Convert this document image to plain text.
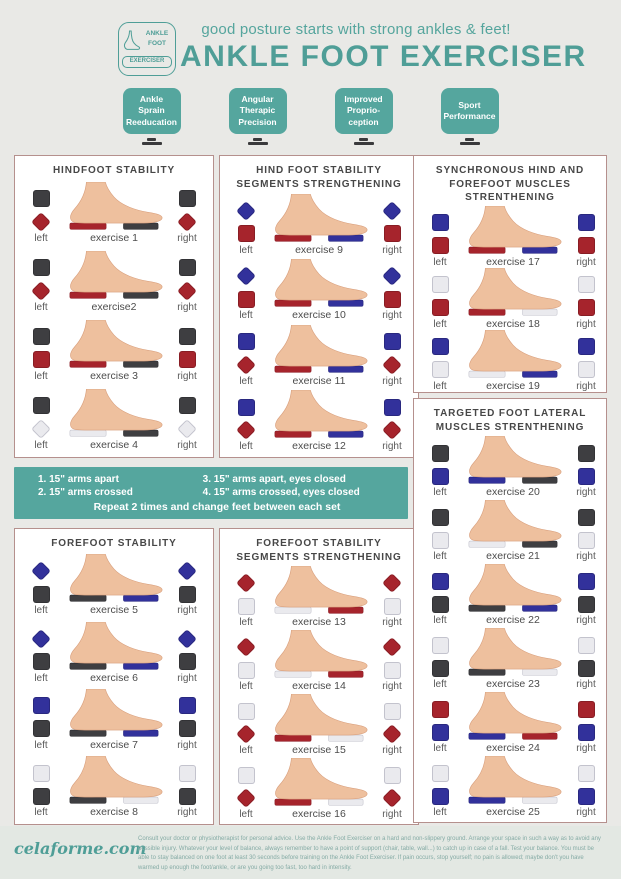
ANKLE
FOOT
EXERCISER
good posture starts with strong ankles & feet!
ANKLE FOOT EXERCISER
Ankle
Sprain
Reeducation
Angular
Therapic
Precision
Improved
Proprio-
ception
Sport
Performance
HINDFOOT STABILITY
left	exercise 1	right
left	exercise2	right
left	exercise 3	right
left	exercise 4	right
HIND FOOT STABILITY SEGMENTS STRENGTHENING
left	exercise 9	right
left	exercise 10	right
left	exercise 11	right
left	exercise 12	right
1. 15" arms apart	3. 15" arms apart, eyes closed
2. 15" arms crossed	4. 15" arms crossed, eyes closed
Repeat 2 times and change feet between each set
FOREFOOT STABILITY
left	exercise 5	right
left	exercise 6	right
left	exercise 7	right
left	exercise 8	right
FOREFOOT STABILITY SEGMENTS STRENGTHENING
left	exercise 13	right
left	exercise 14	right
left	exercise 15	right
left	exercise 16	right
SYNCHRONOUS HIND AND FOREFOOT MUSCLES STRENTHENING
left	exercise 17	right
left	exercise 18	right
left	exercise 19	right
TARGETED FOOT LATERAL MUSCLES STRENTHENING
left	exercise 20	right
left	exercise 21	right
left	exercise 22	right
left	exercise 23	right
left	exercise 24	right
left	exercise 25	right
celaforme.com
Consult your doctor or physiotherapist for personal advice. Use the Ankle Foot Exerciser on a hard and non-slippery ground. Arrange your space in such a way as to avoid any possible injury. Whatever your level of balance, always remember to have a point of support (chair, table, wall...) to catch up in case of a fall. Test your balance. You must be able to stay balanced on one foot at least 30 seconds before training on the Ankle Foot Exerciser. If pain occurs, stop yourself; no pain is allowed; maybe don't you have warmed up enough the foot/ankle, or are you going too fast, too hard in intensity.
